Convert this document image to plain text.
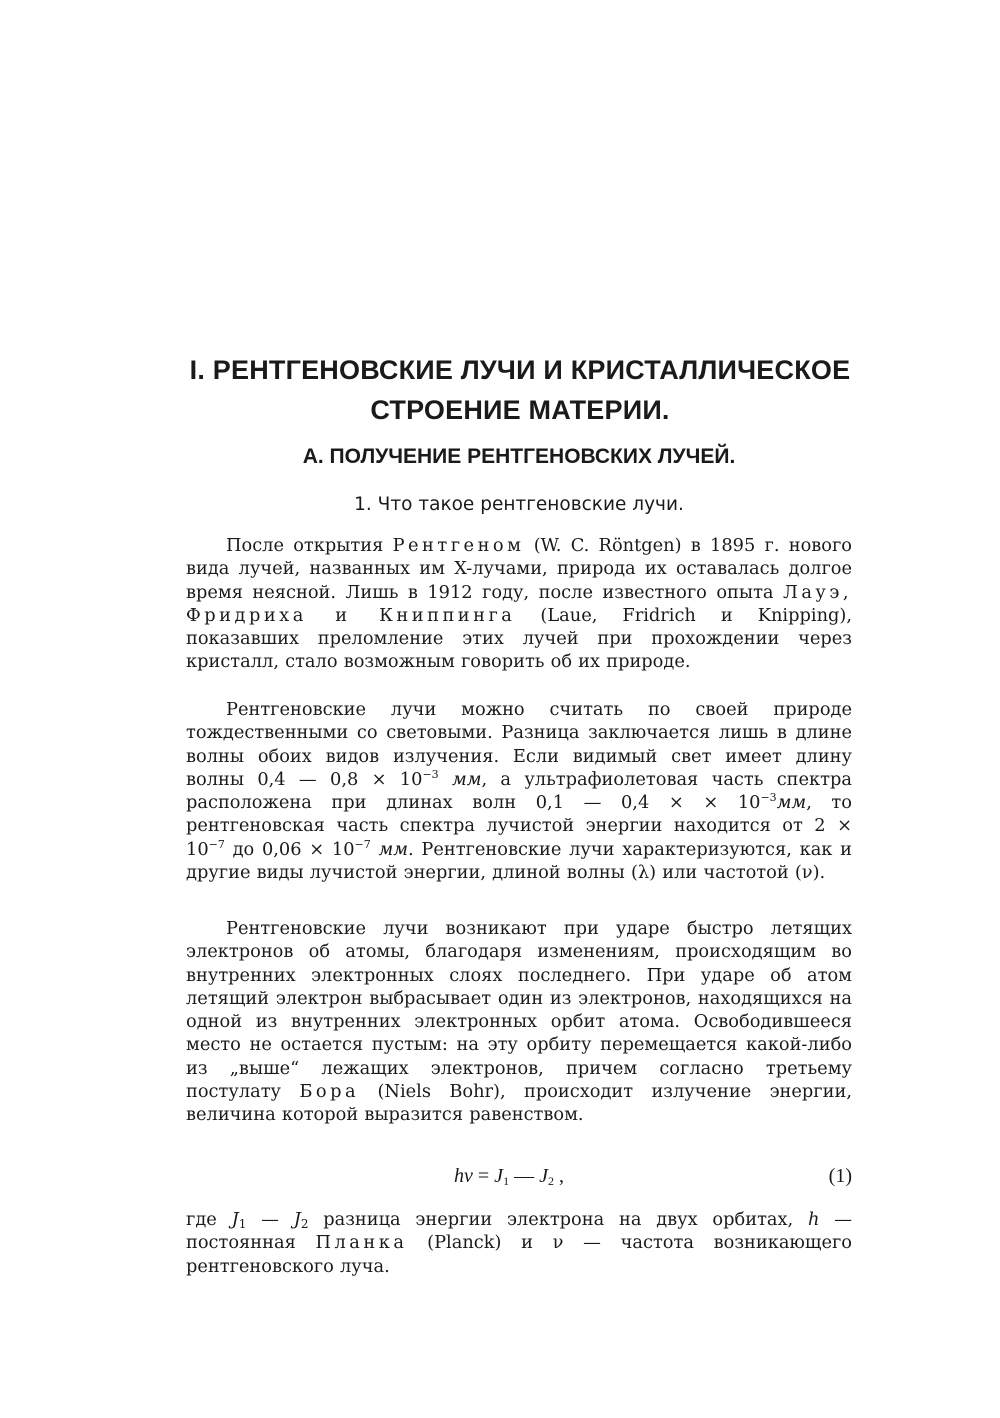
I. РЕНТГЕНОВСКИЕ ЛУЧИ И КРИСТАЛЛИЧЕСКОЕ
СТРОЕНИЕ МАТЕРИИ.
А. ПОЛУЧЕНИЕ РЕНТГЕНОВСКИХ ЛУЧЕЙ.
1. Что такое рентгеновские лучи.

После открытия Рентгеном (W. C. Röntgen) в 1895 г. нового вида лучей, названных им X-лучами, природа их оставалась долгое время неясной. Лишь в 1912 году, после известного опыта Лауэ, Фридриха и Книппинга (Laue, Fridrich и Knipping), показавших преломление этих лучей при прохождении через кристалл, стало возможным говорить об их природе.

Рентгеновские лучи можно считать по своей природе тождественными со световыми. Разница заключается лишь в длине волны обоих видов излучения. Если видимый свет имеет длину волны 0,4 — $0,8 \times 10^{-3}$ мм, а ультрафиолетовая часть спектра расположена при длинах волн 0,1 — 0,4 × × $10^{-3}мм$, то рентгеновская часть спектра лучистой энергии находится от $2 \times 10^{-7}$ до $0,06 \times 10^{-7}$ мм. Рентгеновские лучи характеризуются, как и другие виды лучистой энергии, длиной волны (λ) или частотой (ν).

Рентгеновские лучи возникают при ударе быстро летящих электронов об атомы, благодаря изменениям, происходящим во внутренних электронных слоях последнего. При ударе об атом летящий электрон выбрасывает один из электронов, находящихся на одной из внутренних электронных орбит атома. Освободившееся место не остается пустым: на эту орбиту перемещается какой-либо из „выше“ лежащих электронов, причем согласно третьему постулату Бора (Niels Bohr), происходит излучение энергии, величина которой выразится равенством.

$h\nu = J_1$ — $J_2$ ,	(1)

где $J_1$ — $J_2$ разница энергии электрона на двух орбитах, h — постоянная Планка (Planck) и ν — частота возникающего рентгеновского луча.
